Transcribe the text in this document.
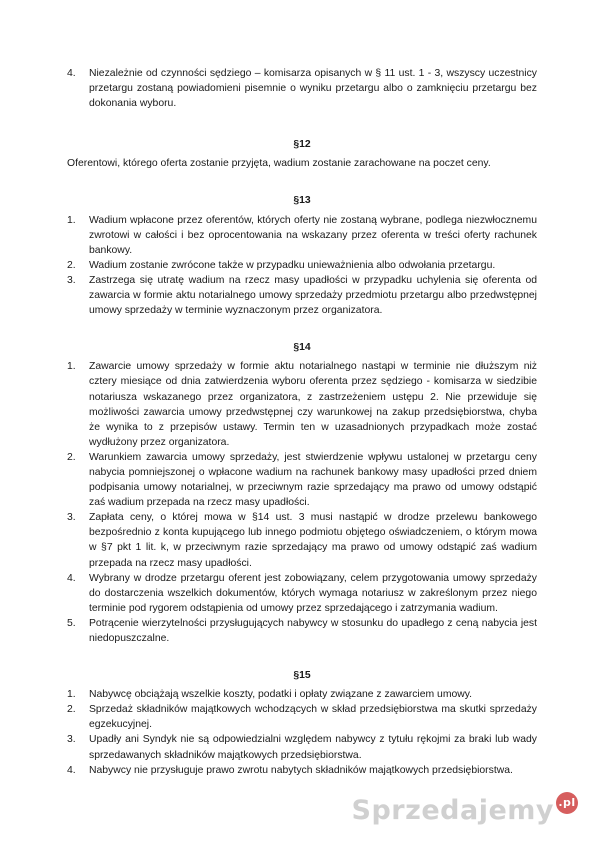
4. Niezależnie od czynności sędziego – komisarza opisanych w § 11 ust. 1 - 3, wszyscy uczestnicy przetargu zostaną powiadomieni pisemnie o wyniku przetargu albo o zamknięciu przetargu bez dokonania wyboru.
§12
Oferentowi, którego oferta zostanie przyjęta, wadium zostanie zarachowane na poczet ceny.
§13
1. Wadium wpłacone przez oferentów, których oferty nie zostaną wybrane, podlega niezwłocznemu zwrotowi w całości i bez oprocentowania na wskazany przez oferenta w treści oferty rachunek bankowy.
2. Wadium zostanie zwrócone także w przypadku unieważnienia albo odwołania przetargu.
3. Zastrzega się utratę wadium na rzecz masy upadłości w przypadku uchylenia się oferenta od zawarcia w formie aktu notarialnego umowy sprzedaży przedmiotu przetargu albo przedwstępnej umowy sprzedaży w terminie wyznaczonym przez organizatora.
§14
1. Zawarcie umowy sprzedaży w formie aktu notarialnego nastąpi w terminie nie dłuższym niż cztery miesiące od dnia zatwierdzenia wyboru oferenta przez sędziego - komisarza w siedzibie notariusza wskazanego przez organizatora, z zastrzeżeniem ustępu 2. Nie przewiduje się możliwości zawarcia umowy przedwstępnej czy warunkowej na zakup przedsiębiorstwa, chyba że wynika to z przepisów ustawy. Termin ten w uzasadnionych przypadkach może zostać wydłużony przez organizatora.
2. Warunkiem zawarcia umowy sprzedaży, jest stwierdzenie wpływu ustalonej w przetargu ceny nabycia pomniejszonej o wpłacone wadium na rachunek bankowy masy upadłości przed dniem podpisania umowy notarialnej, w przeciwnym razie sprzedający ma prawo od umowy odstąpić zaś wadium przepada na rzecz masy upadłości.
3. Zapłata ceny, o której mowa w §14 ust. 3 musi nastąpić w drodze przelewu bankowego bezpośrednio z konta kupującego lub innego podmiotu objętego oświadczeniem, o którym mowa w §7 pkt 1 lit. k, w przeciwnym razie sprzedający ma prawo od umowy odstąpić zaś wadium przepada na rzecz masy upadłości.
4. Wybrany w drodze przetargu oferent jest zobowiązany, celem przygotowania umowy sprzedaży do dostarczenia wszelkich dokumentów, których wymaga notariusz w zakreślonym przez niego terminie pod rygorem odstąpienia od umowy przez sprzedającego i zatrzymania wadium.
5. Potrącenie wierzytelności przysługujących nabywcy w stosunku do upadłego z ceną nabycia jest niedopuszczalne.
§15
1. Nabywcę obciążają wszelkie koszty, podatki i opłaty związane z zawarciem umowy.
2. Sprzedaż składników majątkowych wchodzących w skład przedsiębiorstwa ma skutki sprzedaży egzekucyjnej.
3. Upadły ani Syndyk nie są odpowiedzialni względem nabywcy z tytułu rękojmi za braki lub wady sprzedawanych składników majątkowych przedsiębiorstwa.
4. Nabywcy nie przysługuje prawo zwrotu nabytych składników majątkowych przedsiębiorstwa.
Sprzedajemy .pl
